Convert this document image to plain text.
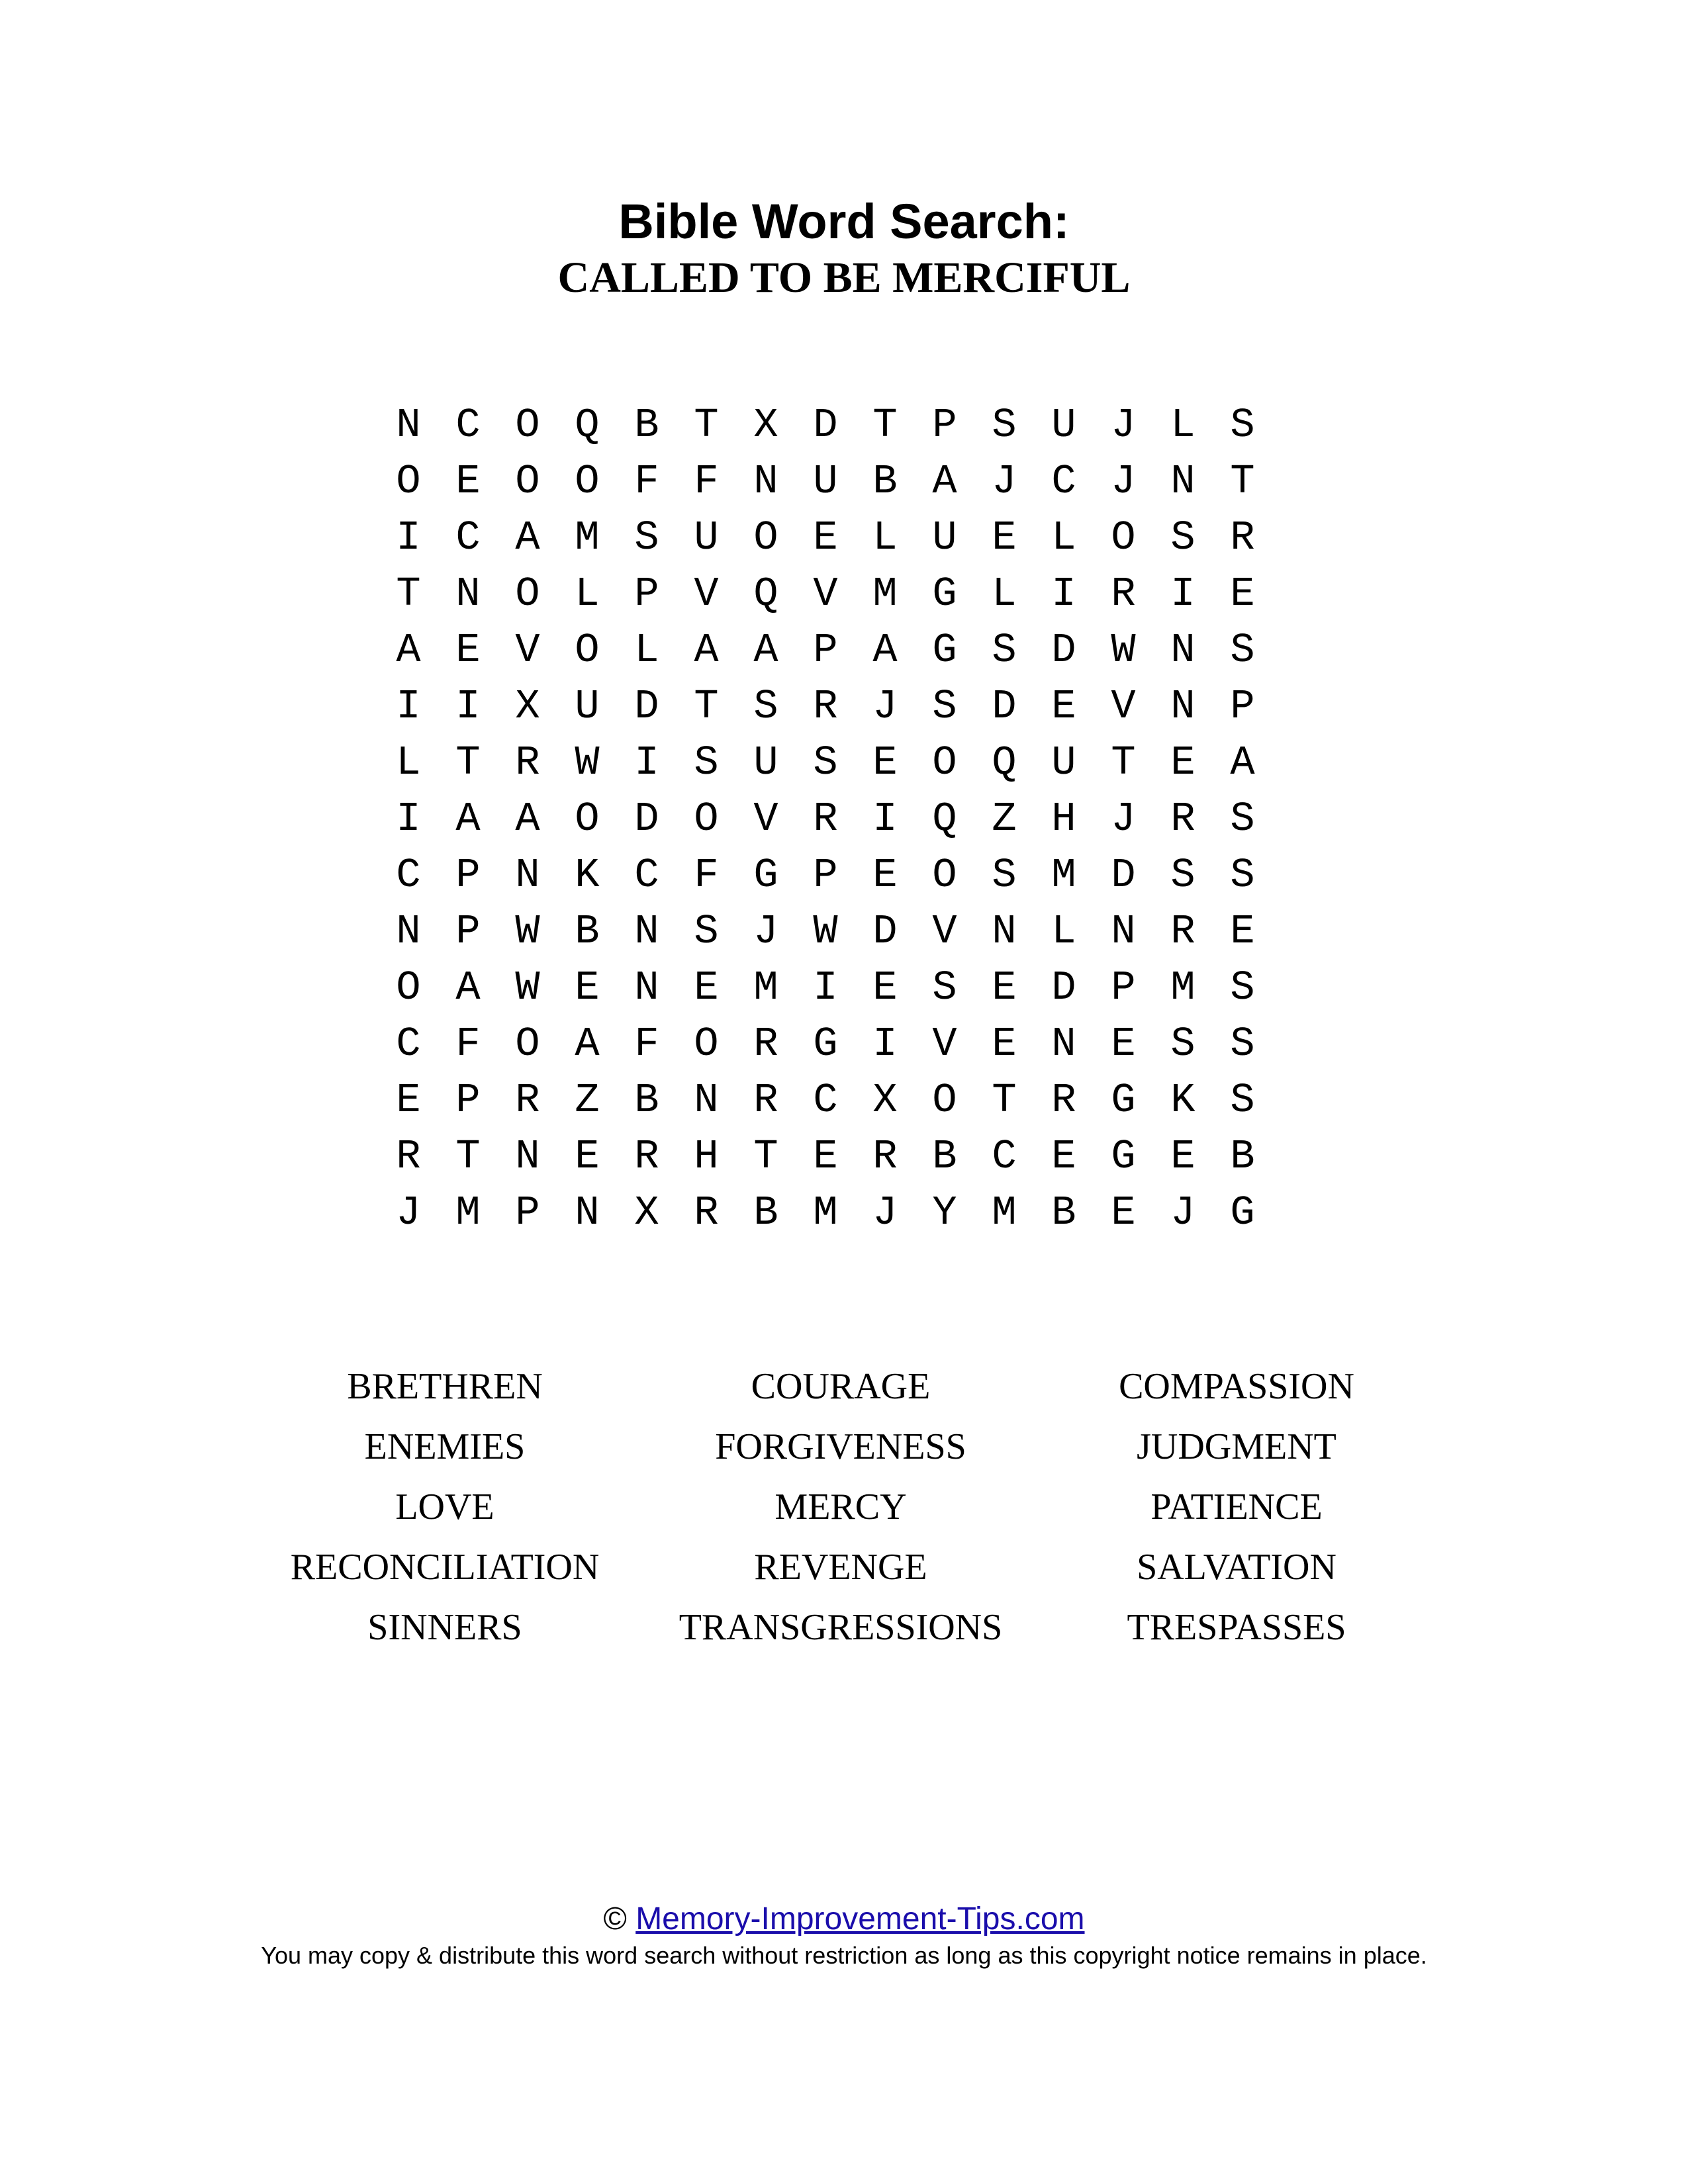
Bible Word Search:
CALLED TO BE MERCIFUL
N C O Q B T X D T P S U J L S
O E O O F F N U B A J C J N T
I C A M S U O E L U E L O S R
T N O L P V Q V M G L I R I E
A E V O L A A P A G S D W N S
I I X U D T S R J S D E V N P
L T R W I S U S E O Q U T E A
I A A O D O V R I Q Z H J R S
C P N K C F G P E O S M D S S
N P W B N S J W D V N L N R E
O A W E N E M I E S E D P M S
C F O A F O R G I V E N E S S
E P R Z B N R C X O T R G K S
R T N E R H T E R B C E G E B
J M P N X R B M J Y M B E J G
BRETHREN	COURAGE	COMPASSION
ENEMIES	FORGIVENESS	JUDGMENT
LOVE	MERCY	PATIENCE
RECONCILIATION	REVENGE	SALVATION
SINNERS	TRANSGRESSIONS	TRESPASSES
© Memory-Improvement-Tips.com
You may copy & distribute this word search without restriction as long as this copyright notice remains in place.
